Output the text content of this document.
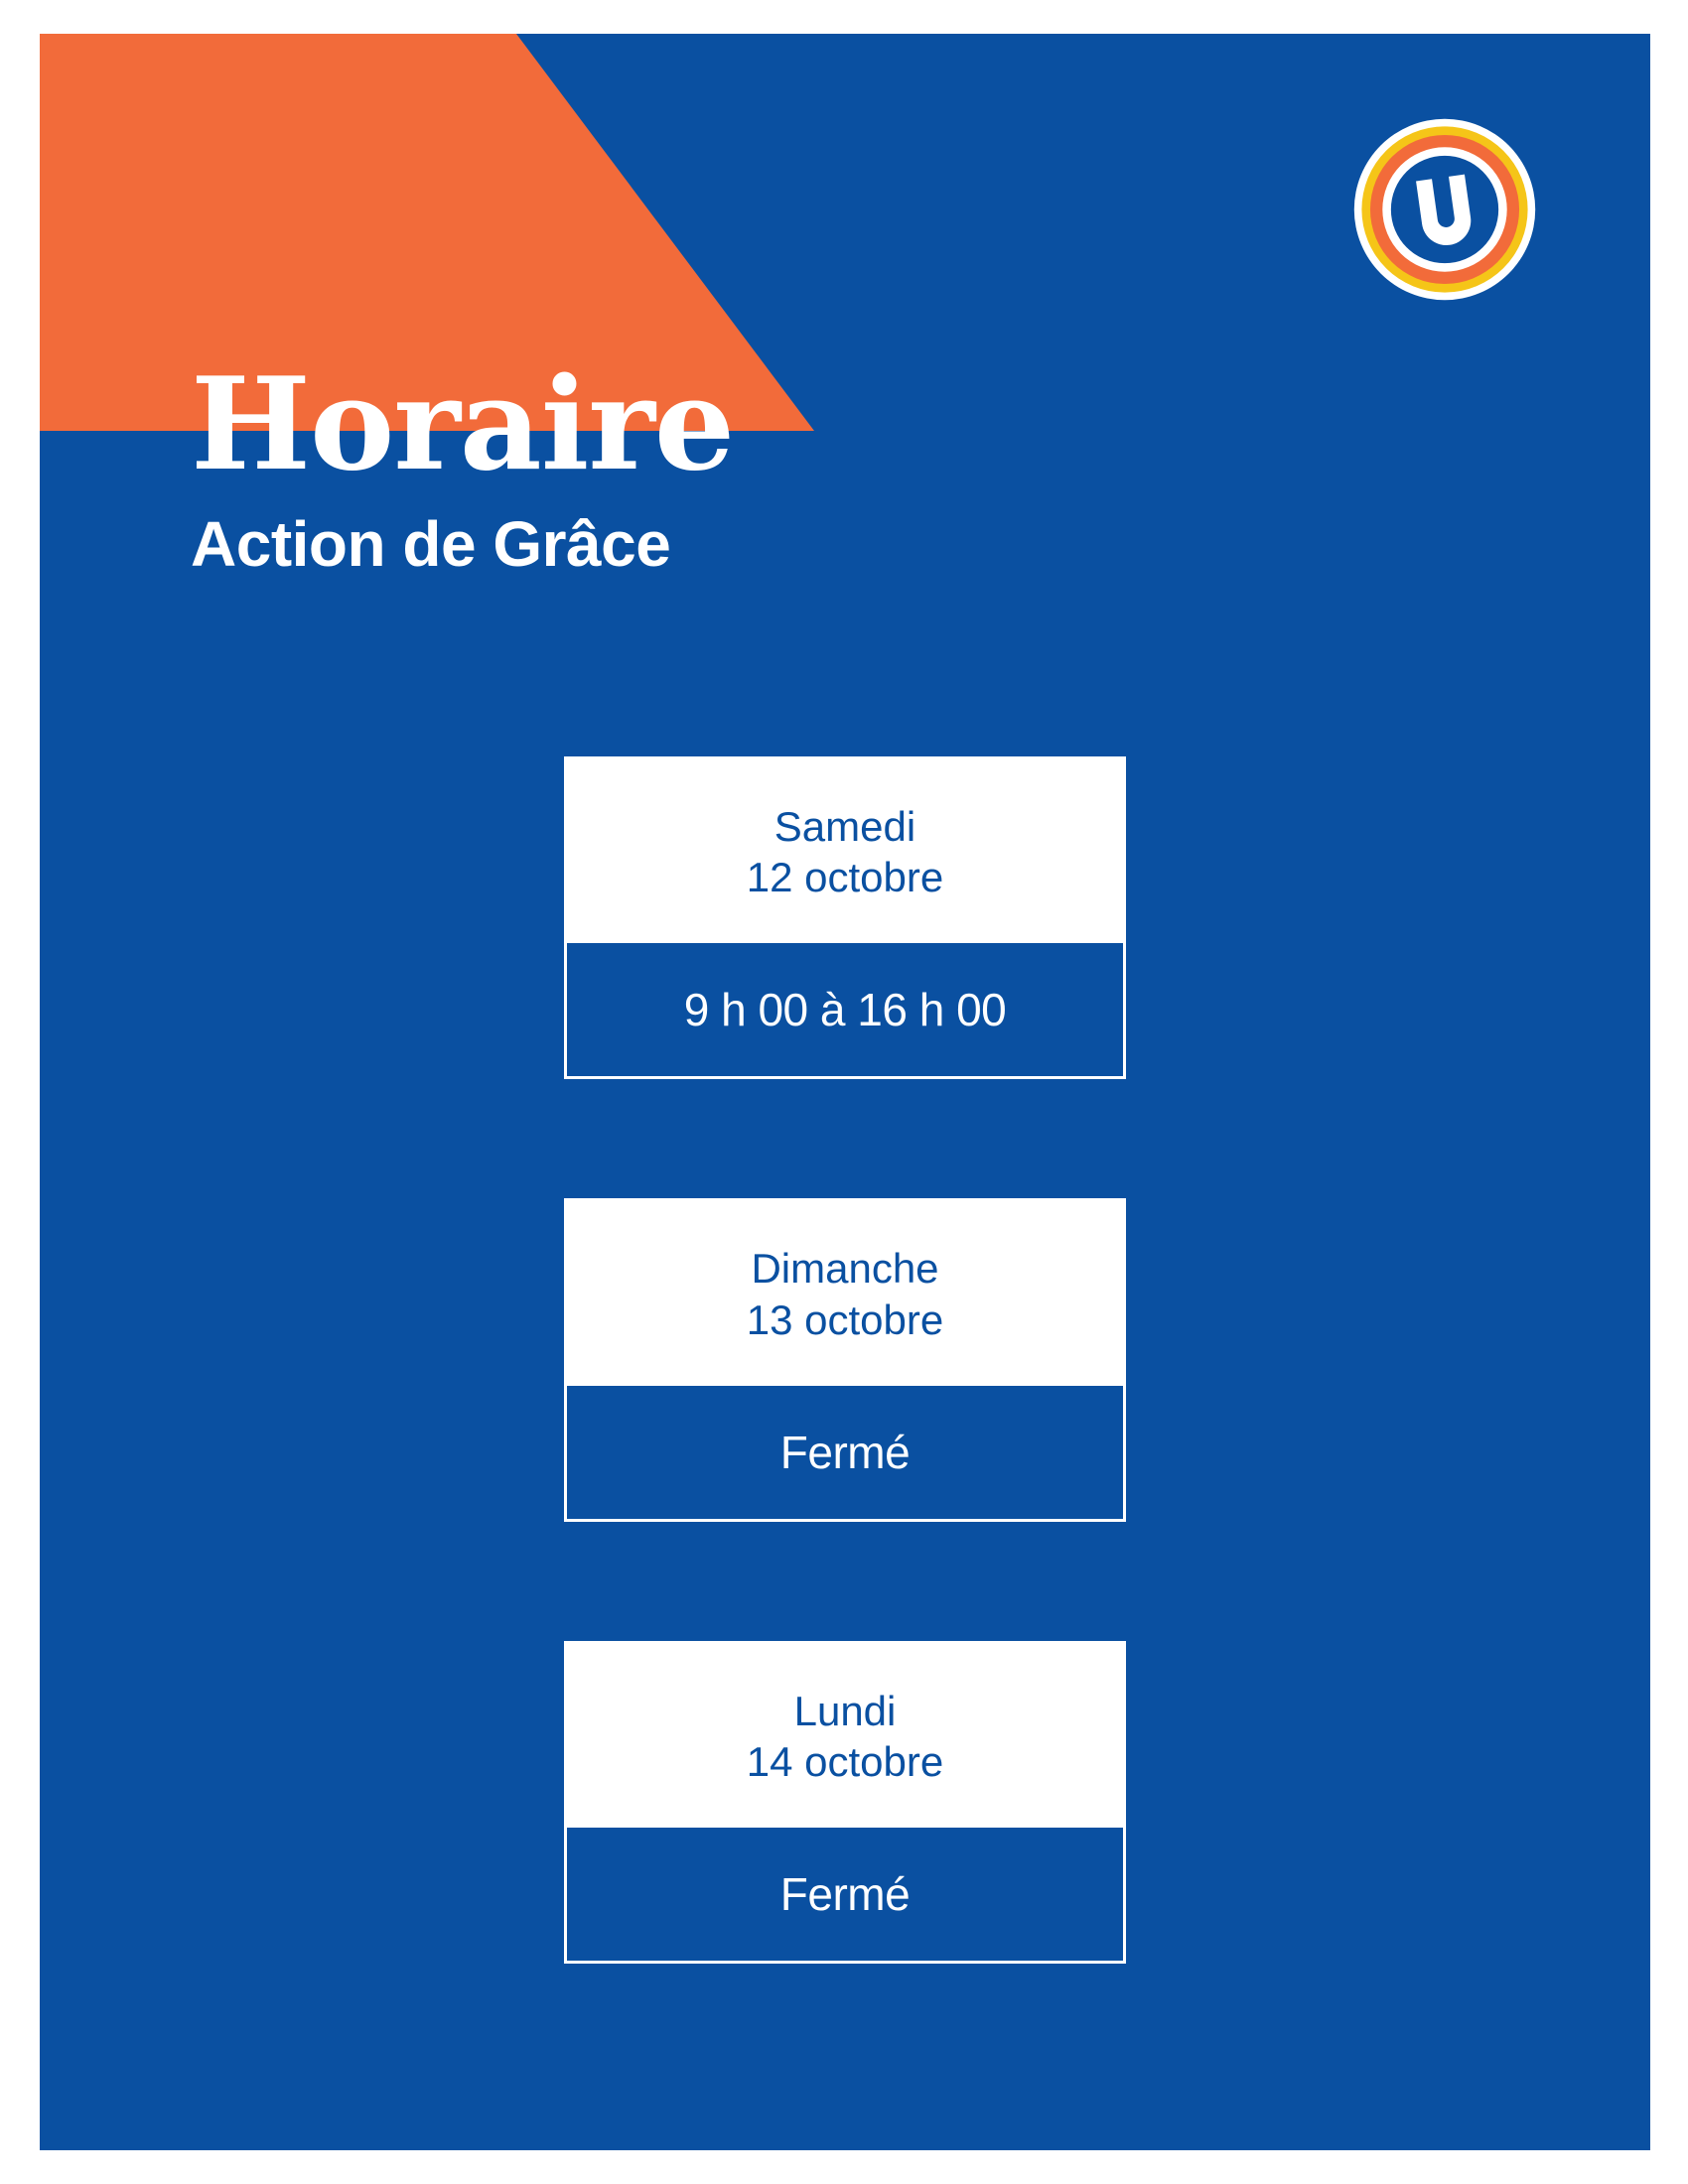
Horaire
Action de Grâce
Samedi
12 octobre
9 h 00 à 16 h 00
Dimanche
13 octobre
Fermé
Lundi
14 octobre
Fermé
